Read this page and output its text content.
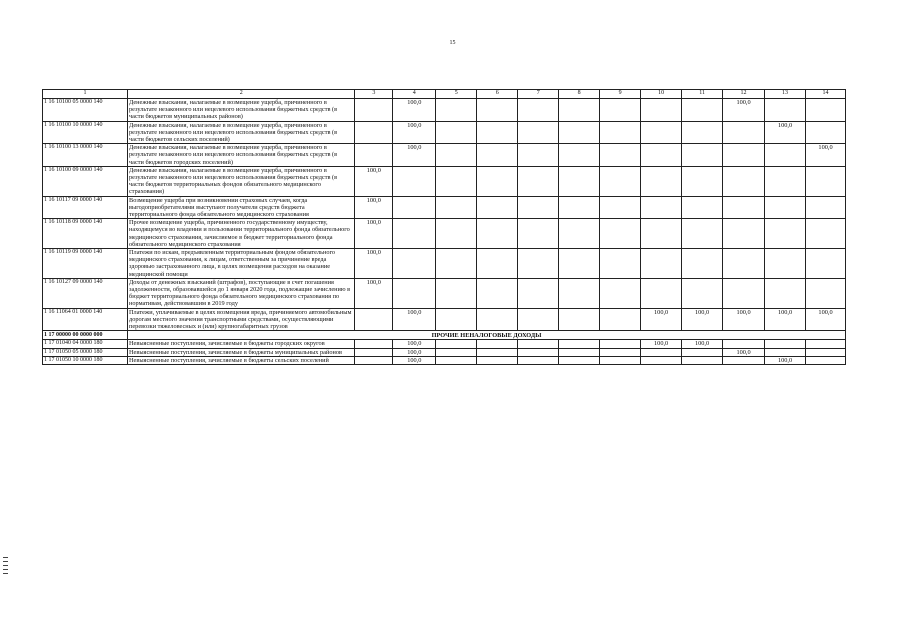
15
1	2	3	4	5	6	7	8	9	10	11	12	13	14
1 16 10100 05 0000 140	Денежные взыскания, налагаемые в возмещение ущерба, причиненного в результате незаконного или нецелевого использования бюджетных средств (в части бюджетов муниципальных районов)		100,0								100,0		
1 16 10100 10 0000 140	Денежные взыскания, налагаемые в возмещение ущерба, причиненного в результате незаконного или нецелевого использования бюджетных средств (в части бюджетов сельских поселений)		100,0									100,0	
1 16 10100 13 0000 140	Денежные взыскания, налагаемые в возмещение ущерба, причиненного в результате незаконного или нецелевого использования бюджетных средств (в части бюджетов городских поселений)		100,0										100,0
1 16 10100 09 0000 140	Денежные взыскания, налагаемые в возмещение ущерба, причиненного в результате незаконного или нецелевого использования бюджетных средств (в части бюджетов территориальных фондов обязательного медицинского страхования)	100,0											
1 16 10117 09 0000 140	Возмещение ущерба при возникновении страховых случаев, когда выгодоприобретателями выступают получатели средств бюджета территориального фонда обязательного медицинского страхования	100,0											
1 16 10118 09 0000 140	Прочее возмещение ущерба, причиненного государственному имуществу, находящемуся во владении и пользовании территориального фонда обязательного медицинского страхования, зачисляемое в бюджет территориального фонда обязательного медицинского страхования	100,0											
1 16 10119 09 0000 140	Платежи по искам, предъявленным территориальным фондом обязательного медицинского страхования, к лицам, ответственным за причинение вреда здоровью застрахованного лица, в целях возмещения расходов на оказание медицинской помощи	100,0											
1 16 10127 09 0000 140	Доходы от денежных взысканий (штрафов), поступающие в счет погашения задолженности, образовавшейся до 1 января 2020 года, подлежащие зачислению в бюджет территориального фонда обязательного медицинского страхования по нормативам, действовавшим в 2019 году	100,0											
1 16 11064 01 0000 140	Платежи, уплачиваемые в целях возмещения вреда, причиняемого автомобильным дорогам местного значения транспортными средствами, осуществляющими перевозки тяжеловесных и (или) крупногабаритных грузов		100,0						100,0	100,0	100,0	100,0	100,0
1 17 00000 00 0000 000	ПРОЧИЕ НЕНАЛОГОВЫЕ ДОХОДЫ												
1 17 01040 04 0000 180	Невыясненные поступления, зачисляемые в бюджеты городских округов		100,0						100,0	100,0			
1 17 01050 05 0000 180	Невыясненные поступления, зачисляемые в бюджеты муниципальных районов		100,0								100,0		
1 17 01050 10 0000 180	Невыясненные поступления, зачисляемые в бюджеты сельских поселений		100,0									100,0	
